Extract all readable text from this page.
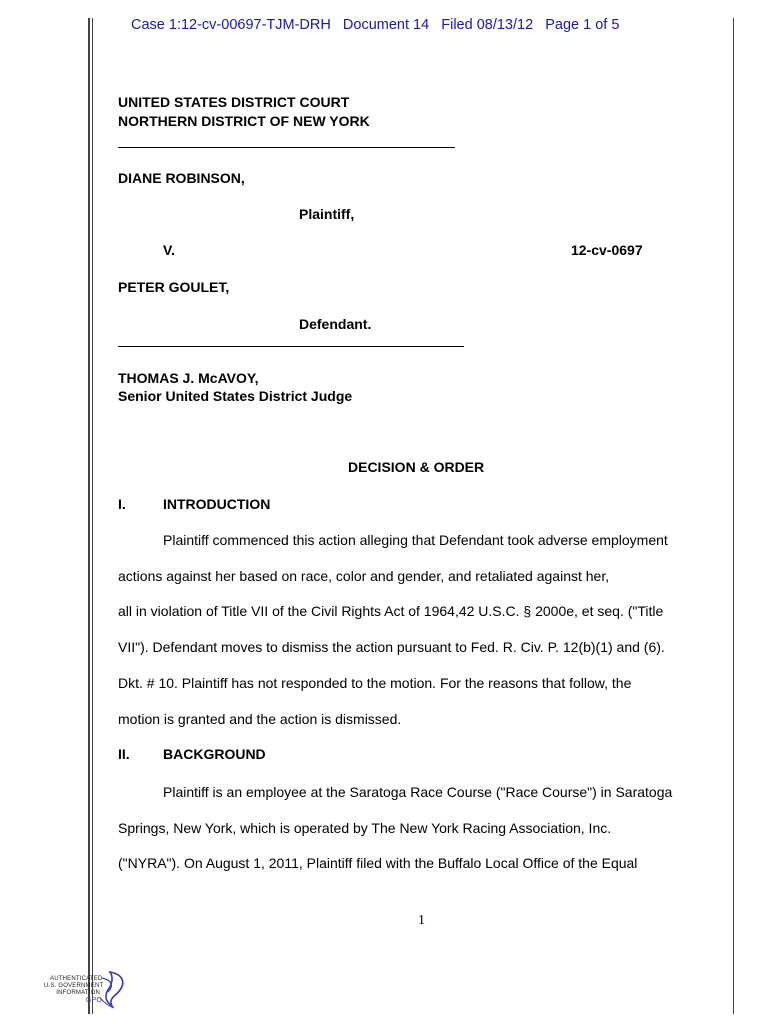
Case 1:12-cv-00697-TJM-DRH   Document 14   Filed 08/13/12   Page 1 of 5
UNITED STATES DISTRICT COURT
NORTHERN DISTRICT OF NEW YORK
DIANE ROBINSON,
Plaintiff,
V.	12-cv-0697
PETER GOULET,
Defendant.
THOMAS J. McAVOY,
Senior United States District Judge
DECISION & ORDER
I.	INTRODUCTION
Plaintiff commenced this action alleging that Defendant took adverse employment
actions against her based on race, color and gender, and retaliated against her,
all in violation of Title VII of the Civil Rights Act of 1964,42 U.S.C. § 2000e, et seq. ("Title
VII"). Defendant moves to dismiss the action pursuant to Fed. R. Civ. P. 12(b)(1) and (6).
Dkt. # 10. Plaintiff has not responded to the motion. For the reasons that follow, the
motion is granted and the action is dismissed.
II. BACKGROUND
Plaintiff is an employee at the Saratoga Race Course ("Race Course") in Saratoga
Springs, New York, which is operated by The New York Racing Association, Inc.
("NYRA"). On August 1, 2011, Plaintiff filed with the Buffalo Local Office of the Equal
1
AUTHENTICATED
U.S. GOVERNMENT
INFORMATION
GPO
